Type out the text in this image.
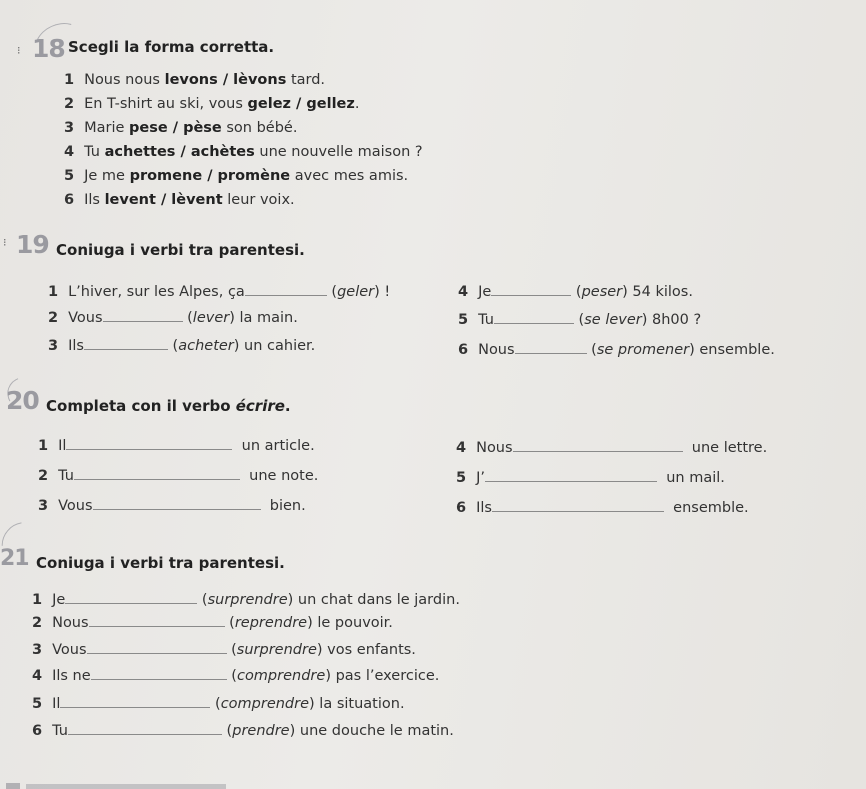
⁝ 18 Scegli la forma corretta.
1 Nous nous levons / lèvons tard.
2 En T-shirt au ski, vous gelez / gellez.
3 Marie pese / pèse son bébé.
4 Tu achettes / achètes une nouvelle maison ?
5 Je me promene / promène avec mes amis.
6 Ils levent / lèvent leur voix.
⁝ 19 Coniuga i verbi tra parentesi.
1 L’hiver, sur les Alpes, ça	(geler) !
2 Vous	(lever) la main.
3 Ils	(acheter) un cahier.
4 Je	(peser) 54 kilos.
5 Tu	(se lever) 8h00 ?
6 Nous	(se promener) ensemble.
20 Completa con il verbo écrire.
1 Il	un article.
2 Tu	une note.
3 Vous	bien.
4 Nous	une lettre.
5 J’	un mail.
6 Ils	ensemble.
21 Coniuga i verbi tra parentesi.
1 Je	(surprendre) un chat dans le jardin.
2 Nous	(reprendre) le pouvoir.
3 Vous	(surprendre) vos enfants.
4 Ils ne	(comprendre) pas l’exercice.
5 Il	(comprendre) la situation.
6 Tu	(prendre) une douche le matin.
